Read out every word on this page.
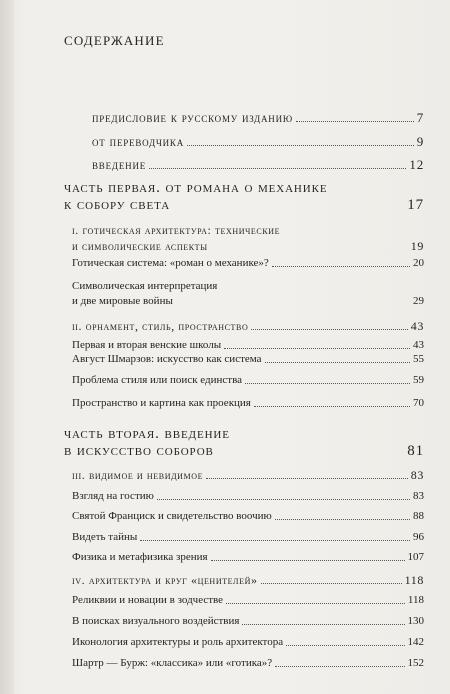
содержание
предисловие к русскому изданию	7
от переводчика	9
введение	12
часть первая. от романа о механике
к собору света	17
i. готическая архитектура: технические
и символические аспекты	19
Готическая система: «роман о механике»?	20
Символическая интерпретация
и две мировые войны	29
ii. орнамент, стиль, пространство	43
Первая и вторая венские школы	43
Август Шмарзов: искусство как система	55
Проблема стиля или поиск единства	59
Пространство и картина как проекция	70
часть вторая. введение
в искусство соборов	81
iii. видимое и невидимое	83
Взгляд на гостию	83
Святой Франциск и свидетельство воочию	88
Видеть тайны	96
Физика и метафизика зрения	107
iv. архитектура и круг «ценителей»	118
Реликвии и новации в зодчестве	118
В поисках визуального воздействия	130
Иконология архитектуры и роль архитектора	142
Шартр — Бурж: «классика» или «готика»?	152
